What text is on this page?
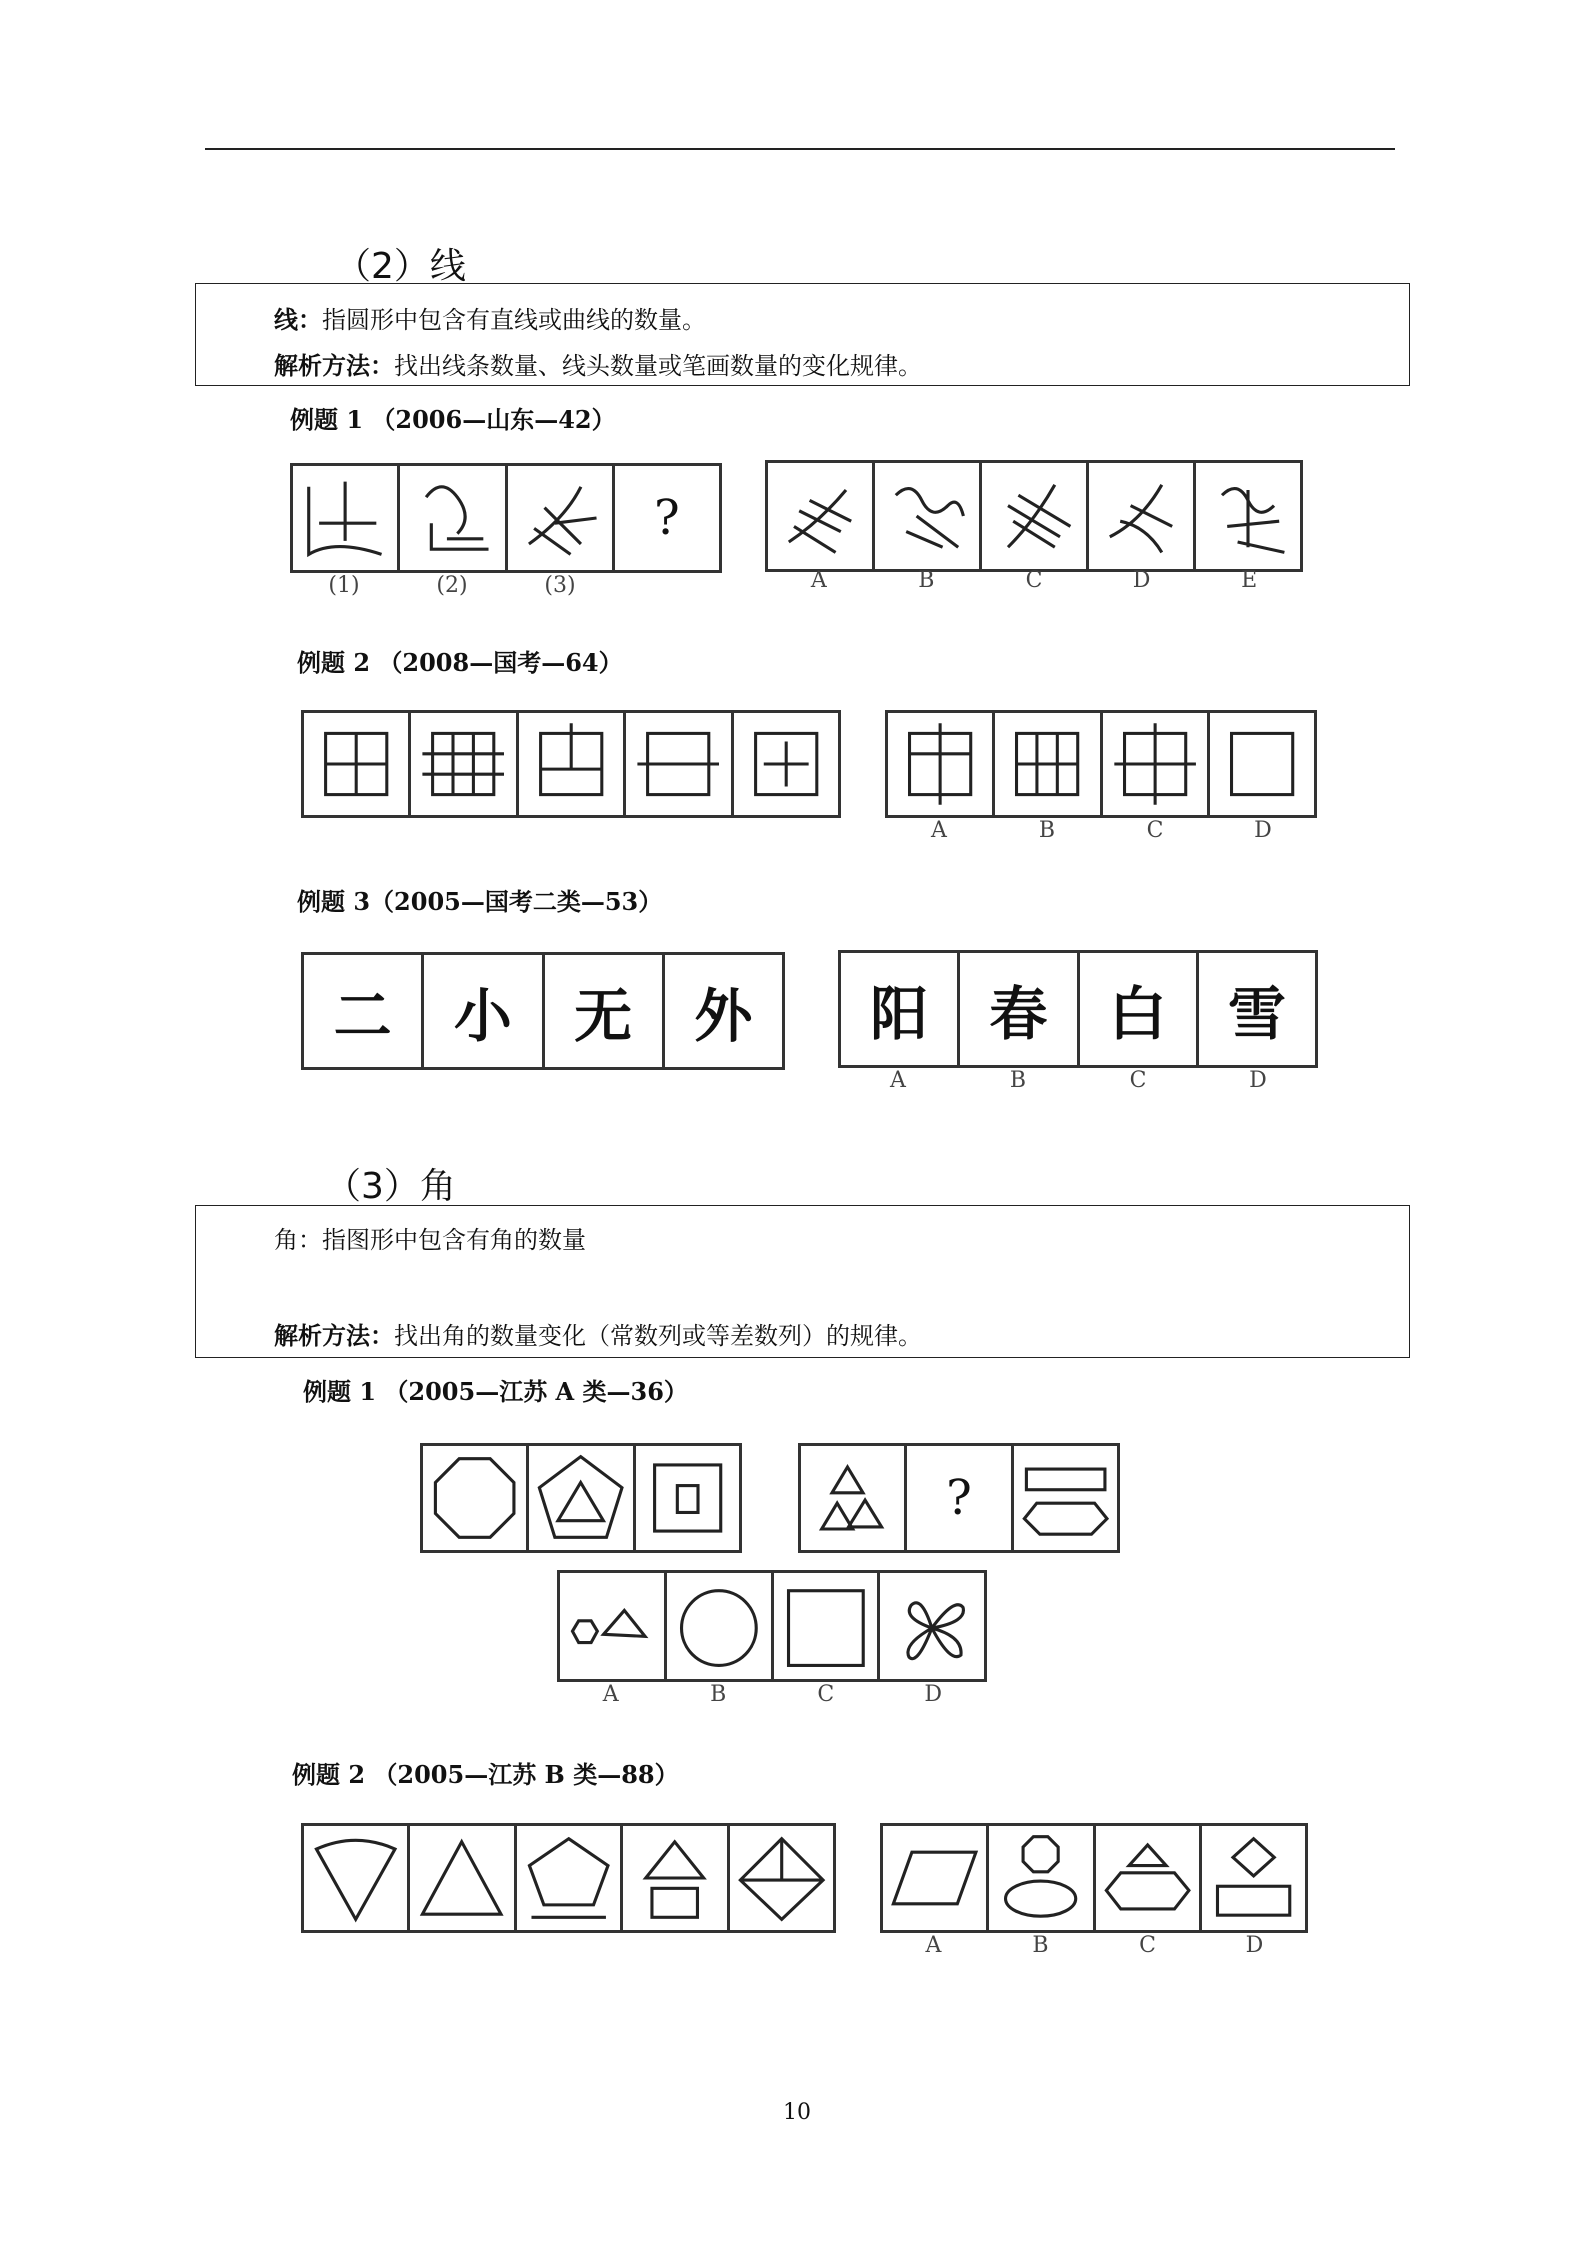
（2）线
线：指圆形中包含有直线或曲线的数量。
解析方法：找出线条数量、线头数量或笔画数量的变化规律。
例题 1 （2006—山东—42）
?
(1)	(2)	(3)	A	B	C	D	E
例题 2 （2008—国考—64）
A	B	C	D
例题 3（2005—国考二类—53）
二 小 无 外 阳 春 白 雪
A	B	C	D
（3）角
角：指图形中包含有角的数量
解析方法：找出角的数量变化（常数列或等差数列）的规律。
例题 1 （2005—江苏 A 类—36）
?
A	B	C	D
例题 2 （2005—江苏 B 类—88）
A	B	C	D
10
